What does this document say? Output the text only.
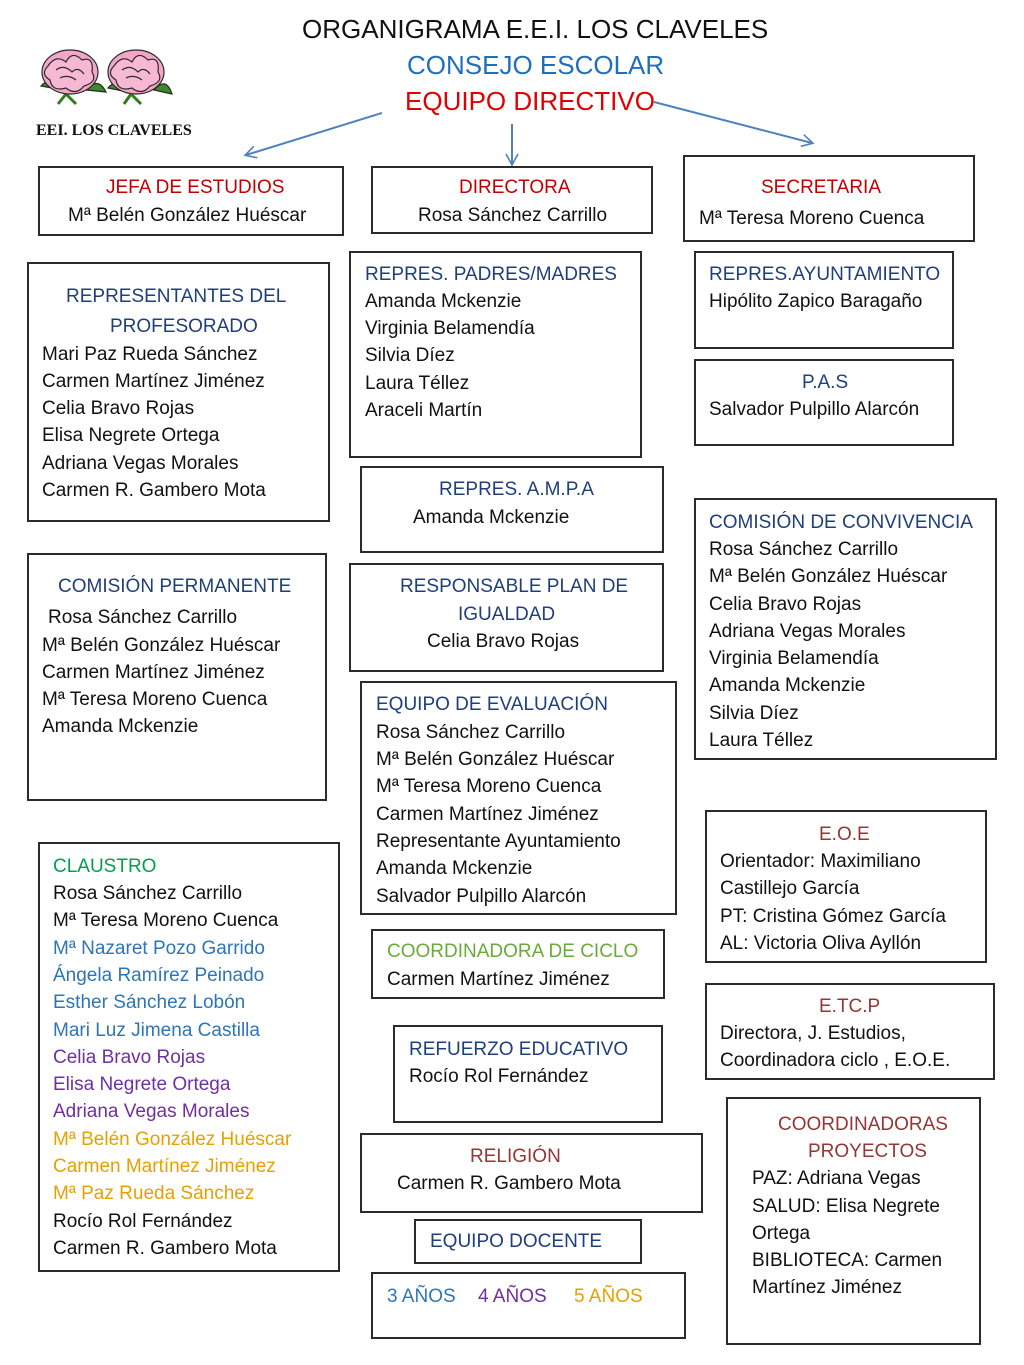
ORGANIGRAMA E.E.I. LOS CLAVELES
CONSEJO ESCOLAR
EQUIPO DIRECTIVO
EEI. LOS CLAVELES
JEFA DE ESTUDIOS
Mª Belén González Huéscar
DIRECTORA
Rosa Sánchez Carrillo
SECRETARIA
Mª Teresa Moreno Cuenca
REPRESENTANTES DEL
PROFESORADO
Mari Paz Rueda Sánchez
Carmen Martínez Jiménez
Celia Bravo Rojas
Elisa Negrete Ortega
Adriana Vegas Morales
Carmen R. Gambero Mota
REPRES. PADRES/MADRES
Amanda Mckenzie
Virginia Belamendía
Silvia Díez
Laura Téllez
Araceli Martín
REPRES.AYUNTAMIENTO
Hipólito Zapico Baragaño
P.A.S
Salvador Pulpillo Alarcón
REPRES. A.M.P.A
Amanda Mckenzie	COMISIÓN DE CONVIVENCIA
Rosa Sánchez Carrillo
Mª Belén González Huéscar
Celia Bravo Rojas
Adriana Vegas Morales
Virginia Belamendía
Amanda Mckenzie
Silvia Díez
Laura Téllez
COMISIÓN PERMANENTE
Rosa Sánchez Carrillo
Mª Belén González Huéscar
Carmen Martínez Jiménez
Mª Teresa Moreno Cuenca
Amanda Mckenzie
RESPONSABLE PLAN DE
IGUALDAD
Celia Bravo Rojas
EQUIPO DE EVALUACIÓN
Rosa Sánchez Carrillo
Mª Belén González Huéscar
Mª Teresa Moreno Cuenca
Carmen Martínez Jiménez
Representante Ayuntamiento
Amanda Mckenzie
Salvador Pulpillo Alarcón
E.O.E
Orientador: Maximiliano
Castillejo García
PT: Cristina Gómez García
AL: Victoria Oliva Ayllón
CLAUSTRO
Rosa Sánchez Carrillo
Mª Teresa Moreno Cuenca
Mª Nazaret Pozo Garrido
Ángela Ramírez Peinado
Esther Sánchez Lobón
Mari Luz Jimena Castilla
Celia Bravo Rojas
Elisa Negrete Ortega
Adriana Vegas Morales
Mª Belén González Huéscar
Carmen Martínez Jiménez
Mª Paz Rueda Sánchez
Rocío Rol Fernández
Carmen R. Gambero Mota
COORDINADORA DE CICLO
Carmen Martínez Jiménez
E.TC.P
Directora, J. Estudios,
Coordinadora ciclo , E.O.E.
REFUERZO EDUCATIVO
Rocío Rol Fernández
COORDINADORAS
PROYECTOS
PAZ: Adriana Vegas
SALUD: Elisa Negrete
Ortega
BIBLIOTECA: Carmen
Martínez Jiménez
RELIGIÓN
Carmen R. Gambero Mota
EQUIPO DOCENTE
3 AÑOS 4 AÑOS 5 AÑOS
